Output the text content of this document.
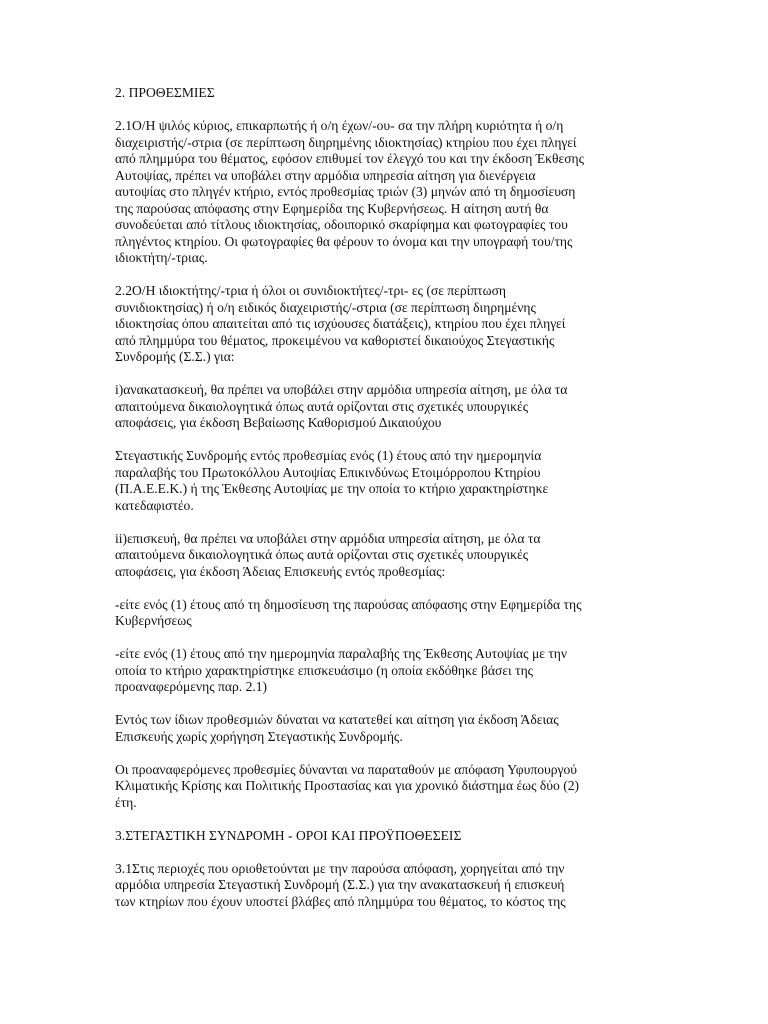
2. ΠΡΟΘΕΣΜΙΕΣ

2.1Ο/Η ψιλός κύριος, επικαρπωτής ή ο/η έχων/-ου- σα την πλήρη κυριότητα ή ο/η
διαχειριστής/-στρια (σε περίπτωση διηρημένης ιδιοκτησίας) κτηρίου που έχει πληγεί
από πλημμύρα του θέματος, εφόσον επιθυμεί τον έλεγχό του και την έκδοση Έκθεσης
Αυτοψίας, πρέπει να υποβάλει στην αρμόδια υπηρεσία αίτηση για διενέργεια
αυτοψίας στο πληγέν κτήριο, εντός προθεσμίας τριών (3) μηνών από τη δημοσίευση
της παρούσας απόφασης στην Εφημερίδα της Κυβερνήσεως. Η αίτηση αυτή θα
συνοδεύεται από τίτλους ιδιοκτησίας, οδοιπορικό σκαρίφημα και φωτογραφίες του
πληγέντος κτηρίου. Οι φωτογραφίες θα φέρουν το όνομα και την υπογραφή του/της
ιδιοκτήτη/-τριας.

2.2Ο/Η ιδιοκτήτης/-τρια ή όλοι οι συνιδιοκτήτες/-τρι- ες (σε περίπτωση
συνιδιοκτησίας) ή ο/η ειδικός διαχειριστής/-στρια (σε περίπτωση διηρημένης
ιδιοκτησίας όπου απαιτείται από τις ισχύουσες διατάξεις), κτηρίου που έχει πληγεί
από πλημμύρα του θέματος, προκειμένου να καθοριστεί δικαιούχος Στεγαστικής
Συνδρομής (Σ.Σ.) για:

i)ανακατασκευή, θα πρέπει να υποβάλει στην αρμόδια υπηρεσία αίτηση, με όλα τα
απαιτούμενα δικαιολογητικά όπως αυτά ορίζονται στις σχετικές υπουργικές
αποφάσεις, για έκδοση Βεβαίωσης Καθορισμού Δικαιούχου

Στεγαστικής Συνδρομής εντός προθεσμίας ενός (1) έτους από την ημερομηνία
παραλαβής του Πρωτοκόλλου Αυτοψίας Επικινδύνως Ετοιμόρροπου Κτηρίου
(Π.Α.Ε.Ε.Κ.) ή της Έκθεσης Αυτοψίας με την οποία το κτήριο χαρακτηρίστηκε
κατεδαφιστέο.

ii)επισκευή, θα πρέπει να υποβάλει στην αρμόδια υπηρεσία αίτηση, με όλα τα
απαιτούμενα δικαιολογητικά όπως αυτά ορίζονται στις σχετικές υπουργικές
αποφάσεις, για έκδοση Άδειας Επισκευής εντός προθεσμίας:

-είτε ενός (1) έτους από τη δημοσίευση της παρούσας απόφασης στην Εφημερίδα της
Κυβερνήσεως

-είτε ενός (1) έτους από την ημερομηνία παραλαβής της Έκθεσης Αυτοψίας με την
οποία το κτήριο χαρακτηρίστηκε επισκευάσιμο (η οποία εκδόθηκε βάσει της
προαναφερόμενης παρ. 2.1)

Εντός των ίδιων προθεσμιών δύναται να κατατεθεί και αίτηση για έκδοση Άδειας
Επισκευής χωρίς χορήγηση Στεγαστικής Συνδρομής.

Οι προαναφερόμενες προθεσμίες δύνανται να παραταθούν με απόφαση Υφυπουργού
Κλιματικής Κρίσης και Πολιτικής Προστασίας και για χρονικό διάστημα έως δύο (2)
έτη.

3.ΣΤΕΓΑΣΤΙΚΗ ΣΥΝΔΡΟΜΗ - ΟΡΟΙ ΚΑΙ ΠΡΟΫΠΟΘΕΣΕΙΣ

3.1Στις περιοχές που οριοθετούνται με την παρούσα απόφαση, χορηγείται από την
αρμόδια υπηρεσία Στεγαστική Συνδρομή (Σ.Σ.) για την ανακατασκευή ή επισκευή
των κτηρίων που έχουν υποστεί βλάβες από πλημμύρα του θέματος, το κόστος της
